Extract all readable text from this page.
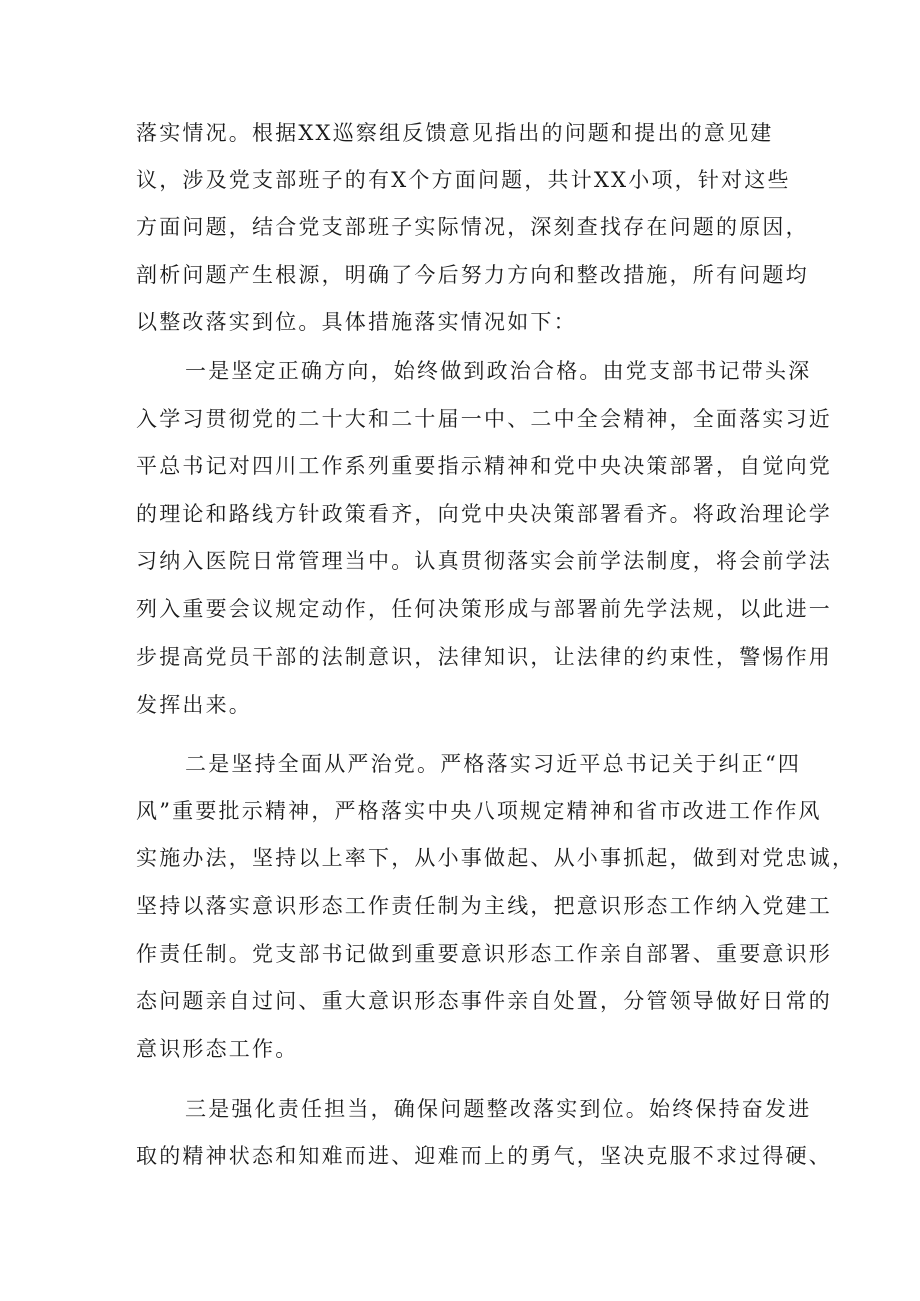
落实情况。根据XX巡察组反馈意见指出的问题和提出的意见建

议，涉及党支部班子的有X个方面问题，共计XX小项，针对这些

方面问题，结合党支部班子实际情况，深刻查找存在问题的原因，

剖析问题产生根源，明确了今后努力方向和整改措施，所有问题均

以整改落实到位。具体措施落实情况如下：

一是坚定正确方向，始终做到政治合格。由党支部书记带头深

入学习贯彻党的二十大和二十届一中、二中全会精神，全面落实习近

平总书记对四川工作系列重要指示精神和党中央决策部署，自觉向党

的理论和路线方针政策看齐，向党中央决策部署看齐。将政治理论学

习纳入医院日常管理当中。认真贯彻落实会前学法制度，将会前学法

列入重要会议规定动作，任何决策形成与部署前先学法规，以此进一

步提高党员干部的法制意识，法律知识，让法律的约束性，警惕作用

发挥出来。

二是坚持全面从严治党。严格落实习近平总书记关于纠正“四

风”重要批示精神，严格落实中央八项规定精神和省市改进工作作风

实施办法，坚持以上率下，从小事做起、从小事抓起，做到对党忠诚，

坚持以落实意识形态工作责任制为主线，把意识形态工作纳入党建工

作责任制。党支部书记做到重要意识形态工作亲自部署、重要意识形

态问题亲自过问、重大意识形态事件亲自处置，分管领导做好日常的

意识形态工作。

三是强化责任担当，确保问题整改落实到位。始终保持奋发进

取的精神状态和知难而进、迎难而上的勇气，坚决克服不求过得硬、
